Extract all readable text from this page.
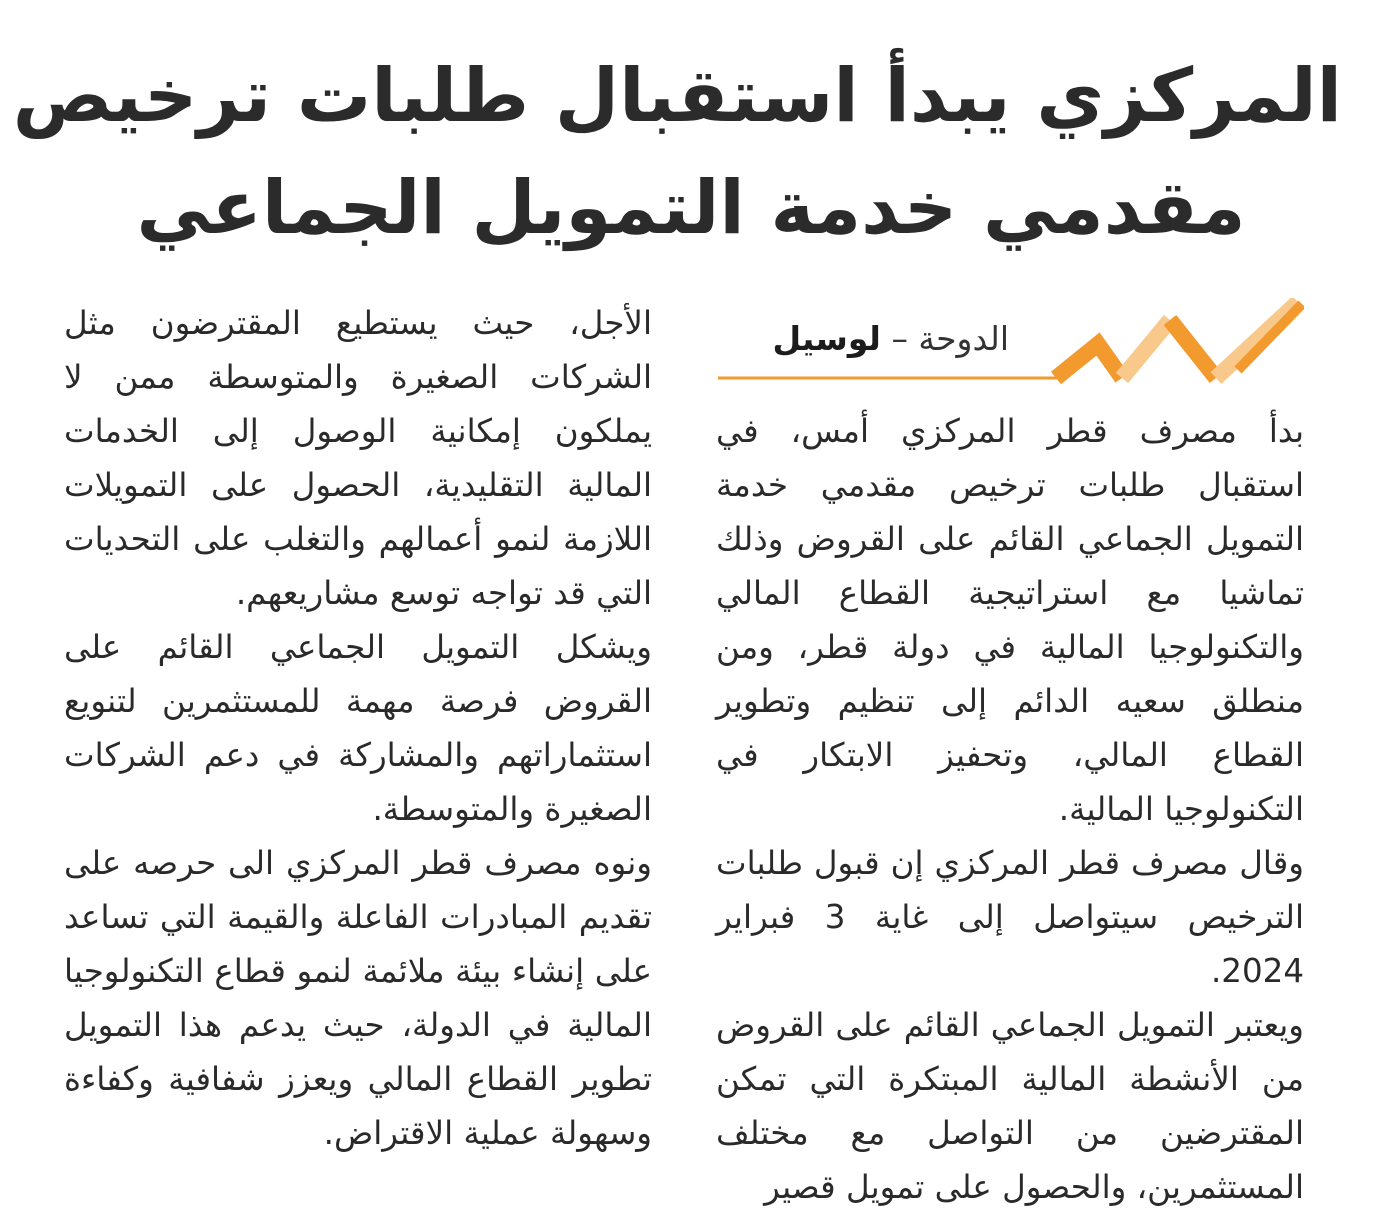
المركزي يبدأ استقبال طلبات ترخيص
مقدمي خدمة التمويل الجماعي
الدوحة – لوسيل

بدأ مصرف قطر المركزي أمس، في استقبال طلبات ترخيص مقدمي خدمة التمويل الجماعي القائم على القروض وذلك تماشيا مع استراتيجية القطاع المالي والتكنولوجيا المالية في دولة قطر، ومن منطلق سعيه الدائم إلى تنظيم وتطوير القطاع المالي، وتحفيز الابتكار في التكنولوجيا المالية.

وقال مصرف قطر المركزي إن قبول طلبات الترخيص سيتواصل إلى غاية 3 فبراير 2024.

ويعتبر التمويل الجماعي القائم على القروض من الأنشطة المالية المبتكرة التي تمكن المقترضين من التواصل مع مختلف المستثمرين، والحصول على تمويل قصير

الأجل، حيث يستطيع المقترضون مثل الشركات الصغيرة والمتوسطة ممن لا يملكون إمكانية الوصول إلى الخدمات المالية التقليدية، الحصول على التمويلات اللازمة لنمو أعمالهم والتغلب على التحديات التي قد تواجه توسع مشاريعهم.

ويشكل التمويل الجماعي القائم على القروض فرصة مهمة للمستثمرين لتنويع استثماراتهم والمشاركة في دعم الشركات الصغيرة والمتوسطة.

ونوه مصرف قطر المركزي الى حرصه على تقديم المبادرات الفاعلة والقيمة التي تساعد على إنشاء بيئة ملائمة لنمو قطاع التكنولوجيا المالية في الدولة، حيث يدعم هذا التمويل تطوير القطاع المالي ويعزز شفافية وكفاءة وسهولة عملية الاقتراض.
